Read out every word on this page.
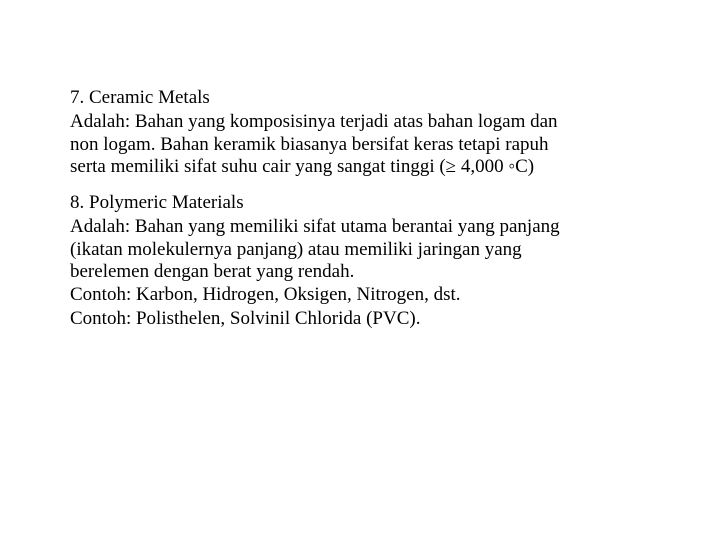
7. Ceramic Metals
Adalah: Bahan yang komposisinya terjadi atas bahan logam dan
non logam. Bahan keramik biasanya bersifat keras tetapi rapuh
serta memiliki sifat suhu cair yang sangat tinggi (≥ 4,000 ◦C)
8. Polymeric Materials
Adalah: Bahan yang memiliki sifat utama berantai yang panjang
(ikatan molekulernya panjang) atau memiliki jaringan yang
berelemen dengan berat yang rendah.
Contoh: Karbon, Hidrogen, Oksigen, Nitrogen, dst.
Contoh: Polisthelen, Solvinil Chlorida (PVC).
